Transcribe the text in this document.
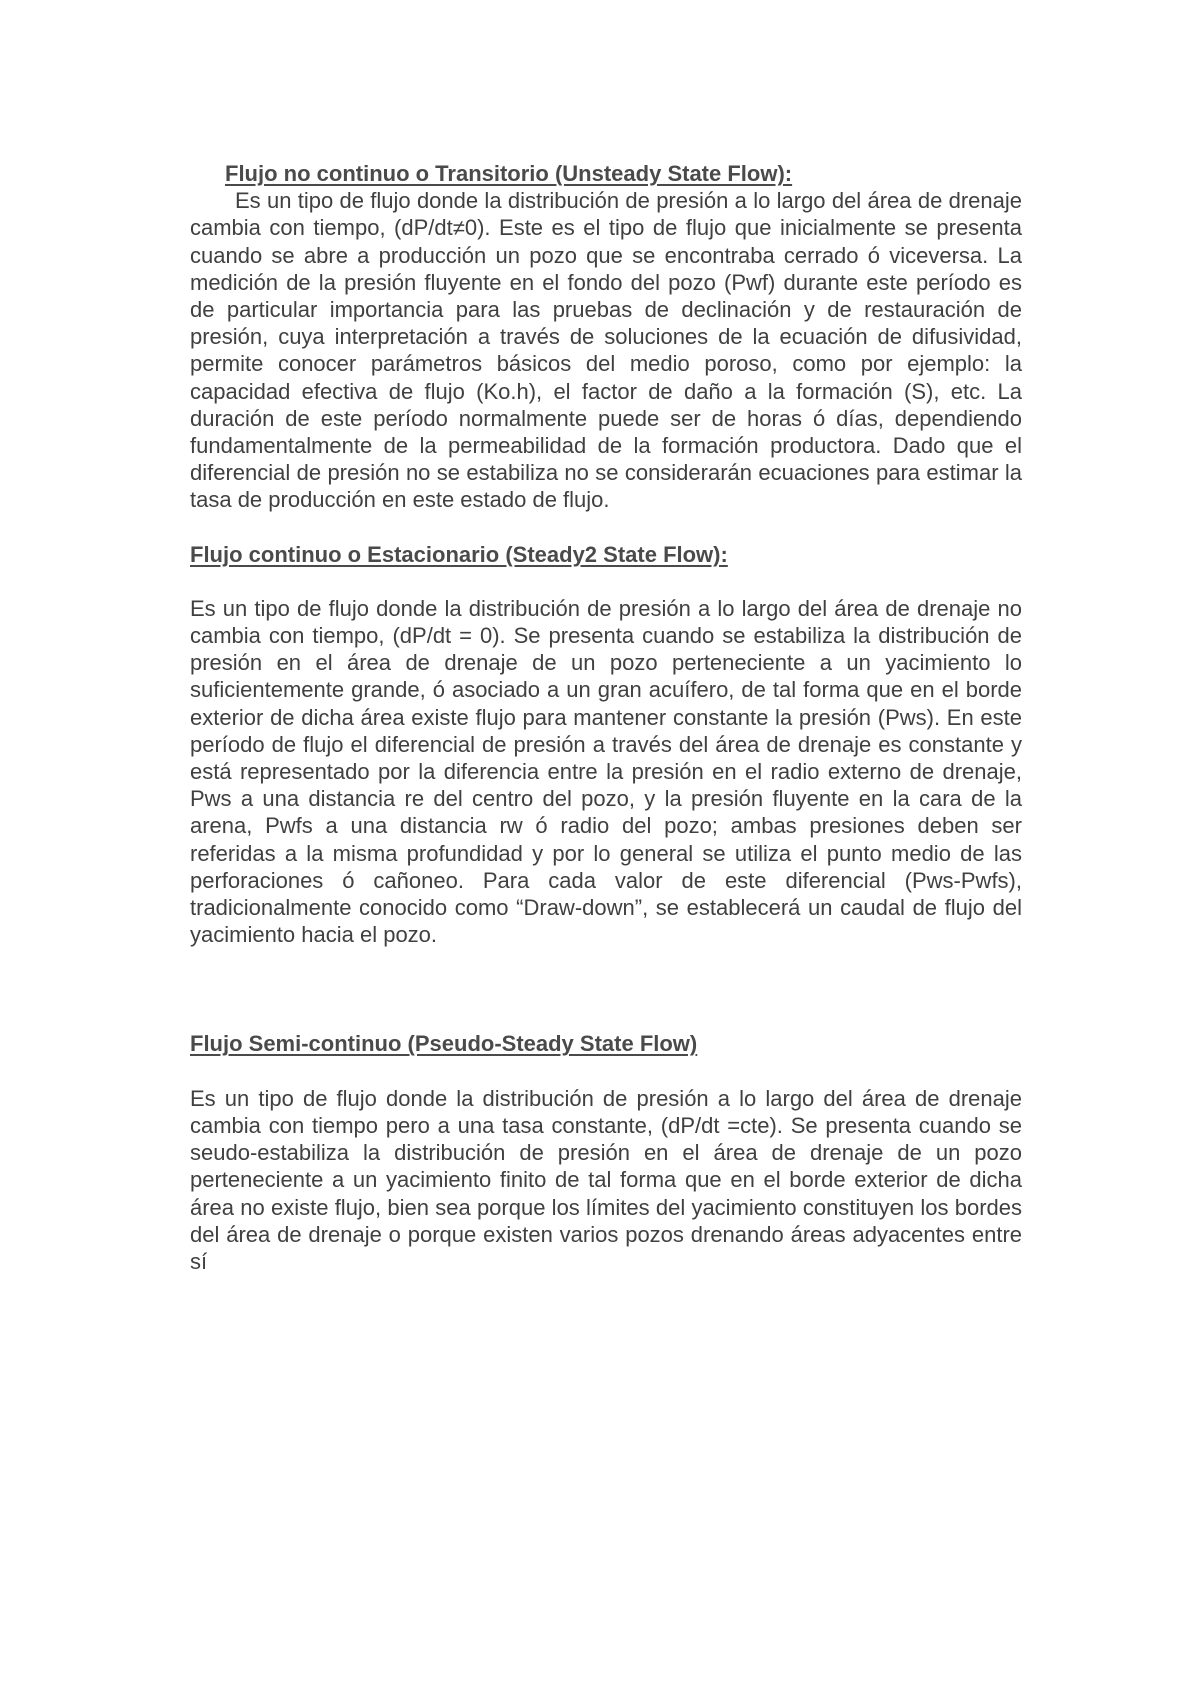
Flujo no continuo o Transitorio (Unsteady State Flow):

Es un tipo de flujo donde la distribución de presión a lo largo del área de drenaje cambia con tiempo, (dP/dt≠0). Este es el tipo de flujo que inicialmente se presenta cuando se abre a producción un pozo que se encontraba cerrado ó viceversa. La medición de la presión fluyente en el fondo del pozo (Pwf) durante este período es de particular importancia para las pruebas de declinación y de restauración de presión, cuya interpretación a través de soluciones de la ecuación de difusividad, permite conocer parámetros básicos del medio poroso, como por ejemplo: la capacidad efectiva de flujo (Ko.h), el factor de daño a la formación (S), etc. La duración de este período normalmente puede ser de horas ó días, dependiendo fundamentalmente de la permeabilidad de la formación productora. Dado que el diferencial de presión no se estabiliza no se considerarán ecuaciones para estimar la tasa de producción en este estado de flujo.

Flujo continuo o Estacionario (Steady2 State Flow):

Es un tipo de flujo donde la distribución de presión a lo largo del área de drenaje no cambia con tiempo, (dP/dt = 0). Se presenta cuando se estabiliza la distribución de presión en el área de drenaje de un pozo perteneciente a un yacimiento lo suficientemente grande, ó asociado a un gran acuífero, de tal forma que en el borde exterior de dicha área existe flujo para mantener constante la presión (Pws). En este período de flujo el diferencial de presión a través del área de drenaje es constante y está representado por la diferencia entre la presión en el radio externo de drenaje, Pws a una distancia re del centro del pozo, y la presión fluyente en la cara de la arena, Pwfs a una distancia rw ó radio del pozo; ambas presiones deben ser referidas a la misma profundidad y por lo general se utiliza el punto medio de las perforaciones ó cañoneo. Para cada valor de este diferencial (Pws-Pwfs), tradicionalmente conocido como “Draw-down”, se establecerá un caudal de flujo del yacimiento hacia el pozo.

Flujo Semi-continuo (Pseudo-Steady State Flow)

Es un tipo de flujo donde la distribución de presión a lo largo del área de drenaje cambia con tiempo pero a una tasa constante, (dP/dt =cte). Se presenta cuando se seudo-estabiliza la distribución de presión en el área de drenaje de un pozo perteneciente a un yacimiento finito de tal forma que en el borde exterior de dicha área no existe flujo, bien sea porque los límites del yacimiento constituyen los bordes del área de drenaje o porque existen varios pozos drenando áreas adyacentes entre sí
